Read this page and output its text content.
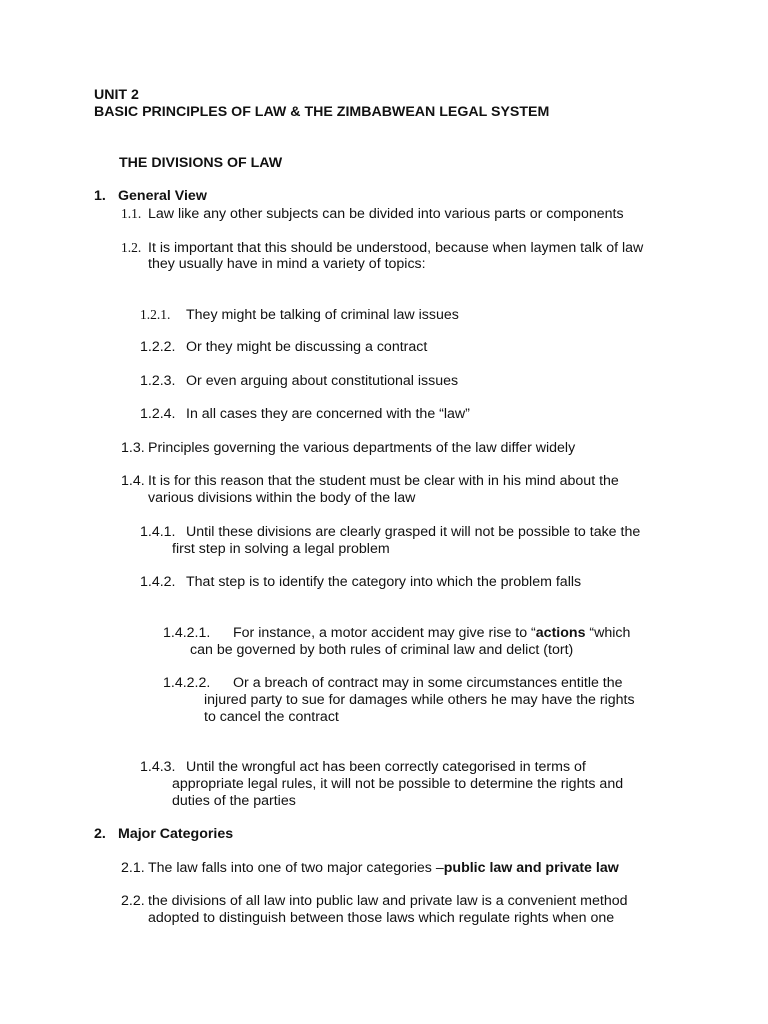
UNIT 2
BASIC PRINCIPLES OF LAW & THE ZIMBABWEAN LEGAL SYSTEM
THE DIVISIONS OF LAW
1. General View
1.1. Law like any other subjects can be divided into various parts or components
1.2. It is important that this should be understood, because when laymen talk of law
they usually have in mind a variety of topics:
1.2.1. They might be talking of criminal law issues
1.2.2. Or they might be discussing a contract
1.2.3. Or even arguing about constitutional issues
1.2.4. In all cases they are concerned with the “law”
1.3. Principles governing the various departments of the law differ widely
1.4. It is for this reason that the student must be clear with in his mind about the
various divisions within the body of the law
1.4.1. Until these divisions are clearly grasped it will not be possible to take the
first step in solving a legal problem
1.4.2. That step is to identify the category into which the problem falls
1.4.2.1. For instance, a motor accident may give rise to “actions “which
can be governed by both rules of criminal law and delict (tort)
1.4.2.2. Or a breach of contract may in some circumstances entitle the
injured party to sue for damages while others he may have the rights
to cancel the contract
1.4.3. Until the wrongful act has been correctly categorised in terms of
appropriate legal rules, it will not be possible to determine the rights and
duties of the parties
2. Major Categories
2.1. The law falls into one of two major categories –public law and private law
2.2. the divisions of all law into public law and private law is a convenient method
adopted to distinguish between those laws which regulate rights when one
